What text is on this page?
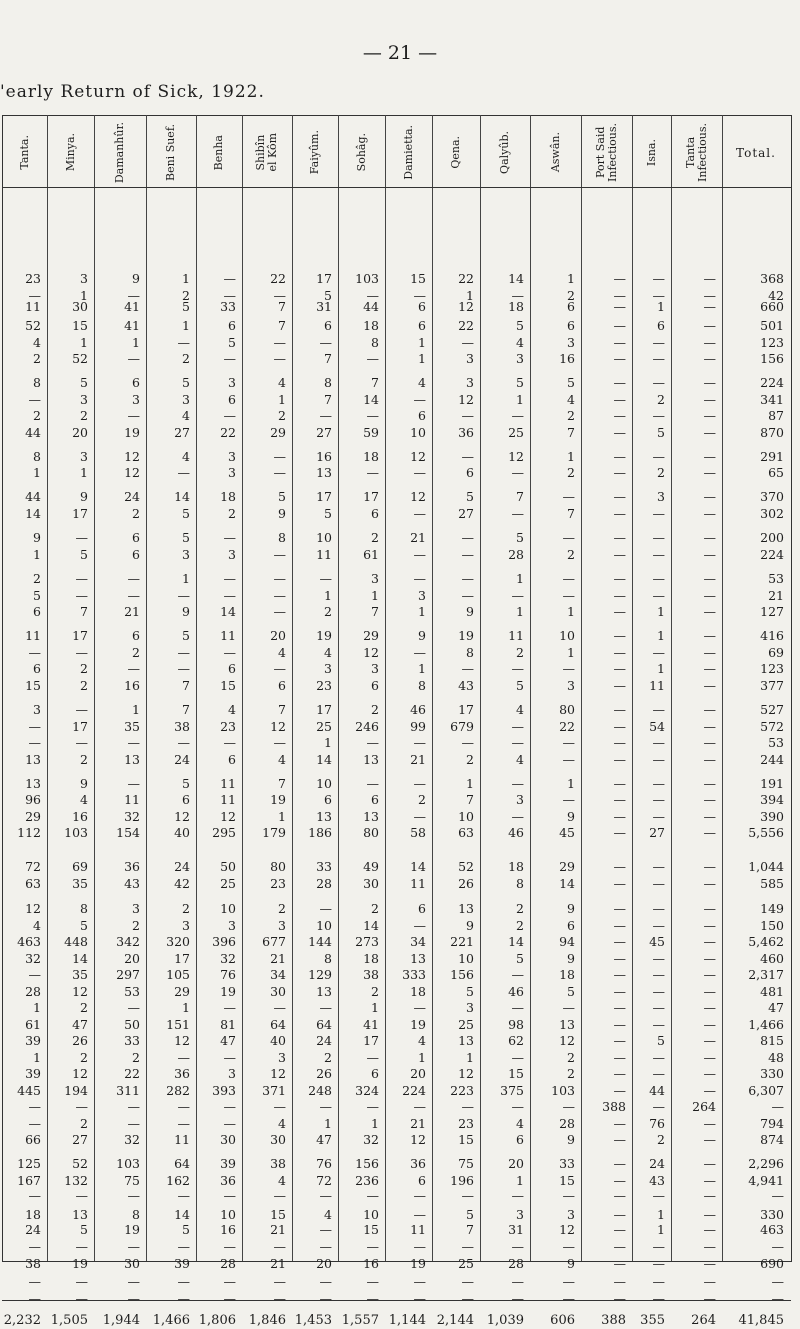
— 21 —
'early Return of Sick, 1922.
Tanta.	Minya.	Damanhûr.	Beni Suef.	Benha	Shibîn
el Kôm	Faiyûm.	Sohâg.	Damietta.	Qena.	Qalyûb.	Aswân.	Port Said
Infectious. Isna. Tanta
Infectious. Total.
23	3	9	1	—	22	17	103	15	22	14	1	—	—	—	368
—	1	—	2	—	—	5	—	—	1	—	2	—	—	—	42
11	30	41	5	33	7	31	44	6	12	18	6	—	1	—	660
52	15	41	1	6	7	6	18	6	22	5	6	—	6	—	501
4	1	1	—	5	—	—	8	1	—	4	3	—	—	—	123
2	52	—	2	—	—	7	—	1	3	3	16	—	—	—	156
8	5	6	5	3	4	8	7	4	3	5	5	—	—	—	224
—	3	3	3	6	1	7	14	—	12	1	4	—	2	—	341
2	2	—	4	—	2	—	—	6	—	—	2	—	—	—	87
44	20	19	27	22	29	27	59	10	36	25	7	—	5	—	870
8	3	12	4	3	—	16	18	12	—	12	1	—	—	—	291
1	1	12	—	3	—	13	—	—	6	—	2	—	2	—	65
44	9	24	14	18	5	17	17	12	5	7	—	—	3	—	370
14	17	2	5	2	9	5	6	—	27	—	7	—	—	—	302
9	—	6	5	—	8	10	2	21	—	5	—	—	—	—	200
1	5	6	3	3	—	11	61	—	—	28	2	—	—	—	224
2	—	—	1	—	—	—	3	—	—	1	—	—	—	—	53
5	—	—	—	—	—	1	1	3	—	—	—	—	—	—	21
6	7	21	9	14	—	2	7	1	9	1	1	—	1	—	127
11	17	6	5	11	20	19	29	9	19	11	10	—	1	—	416
—	—	2	—	—	4	4	12	—	8	2	1	—	—	—	69
6	2	—	—	6	—	3	3	1	—	—	—	—	1	—	123
15	2	16	7	15	6	23	6	8	43	5	3	—	11	—	377
3	—	1	7	4	7	17	2	46	17	4	80	—	—	—	527
—	17	35	38	23	12	25	246	99	679	—	22	—	54	—	572
—	—	—	—	—	—	1	—	—	—	—	—	—	—	—	53
13	2	13	24	6	4	14	13	21	2	4	—	—	—	—	244
13	9	—	5	11	7	10	—	—	1	—	1	—	—	—	191
96	4	11	6	11	19	6	6	2	7	3	—	—	—	—	394
29	16	32	12	12	1	13	13	—	10	—	9	—	—	—	390
112	103	154	40	295	179	186	80	58	63	46	45	—	27	—	5,556
72	69	36	24	50	80	33	49	14	52	18	29	—	—	—	1,044
63	35	43	42	25	23	28	30	11	26	8	14	—	—	—	585
12	8	3	2	10	2	—	2	6	13	2	9	—	—	—	149
4	5	2	3	3	3	10	14	—	9	2	6	—	—	—	150
463	448	342	320	396	677	144	273	34	221	14	94	—	45	—	5,462
32	14	20	17	32	21	8	18	13	10	5	9	—	—	—	460
—	35	297	105	76	34	129	38	333	156	—	18	—	—	—	2,317
28	12	53	29	19	30	13	2	18	5	46	5	—	—	—	481
1	2	—	1	—	—	—	1	—	3	—	—	—	—	—	47
61	47	50	151	81	64	64	41	19	25	98	13	—	—	—	1,466
39	26	33	12	47	40	24	17	4	13	62	12	—	5	—	815
1	2	2	—	—	3	2	—	1	1	—	2	—	—	—	48
39	12	22	36	3	12	26	6	20	12	15	2	—	—	—	330
445	194	311	282	393	371	248	324	224	223	375	103	—	44	—	6,307
—	—	—	—	—	—	—	—	—	—	—	—	388	—	264	—
—	2	—	—	—	4	1	1	21	23	4	28	—	76	—	794
66	27	32	11	30	30	47	32	12	15	6	9	—	2	—	874
125	52	103	64	39	38	76	156	36	75	20	33	—	24	—	2,296
167	132	75	162	36	4	72	236	6	196	1	15	—	43	—	4,941
—	—	—	—	—	—	—	—	—	—	—	—	—	—	—	—
18	13	8	14	10	15	4	10	—	5	3	3	—	1	—	330
24	5	19	5	16	21	—	15	11	7	31	12	—	1	—	463
—	—	—	—	—	—	—	—	—	—	—	—	—	—	—	—
38	19	30	39	28	21	20	16	19	25	28	9	—	—	—	690
—	—	—	—	—	—	—	—	—	—	—	—	—	—	—	—
—	—	—	—	—	—	—	—	—	—	—	—	—	—	—	—
2,232 1,505	1,944 1,466 1,806 1,846 1,453 1,557 1,144 2,144 1,039	606	388	355	264	41,845
